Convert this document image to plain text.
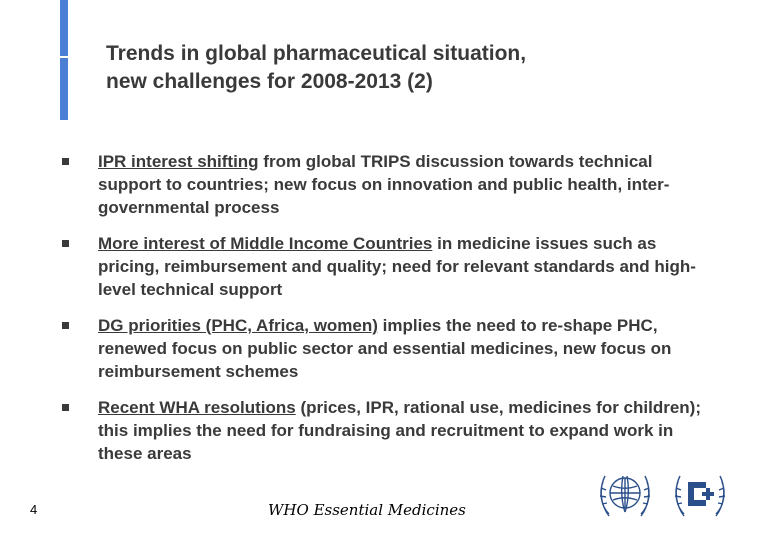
Trends in global pharmaceutical situation,
new challenges for 2008-2013 (2)
IPR interest shifting from global TRIPS discussion towards technical support to countries; new focus on innovation and public health, inter-governmental process
More interest of Middle Income Countries in medicine issues such as pricing, reimbursement and quality; need for relevant standards and high-level technical support
DG priorities (PHC, Africa, women) implies the need to re-shape PHC, renewed focus on public sector and essential medicines, new focus on reimbursement schemes
Recent WHA resolutions (prices, IPR, rational use, medicines for children); this implies the need for fundraising and recruitment to expand work in these areas
4	WHO Essential Medicines
